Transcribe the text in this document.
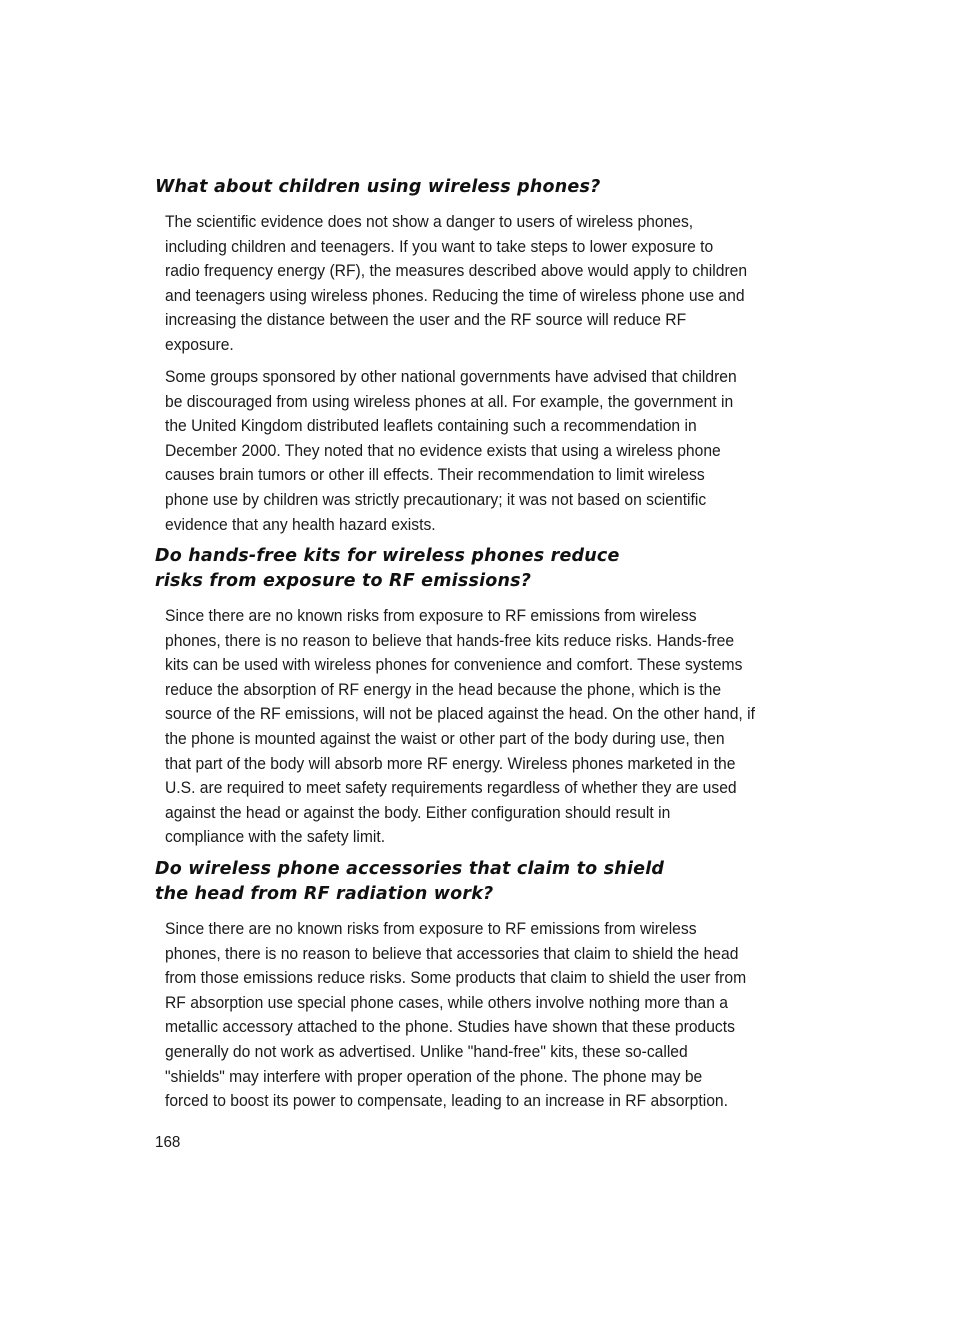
What about children using wireless phones?

The scientific evidence does not show a danger to users of wireless phones,
including children and teenagers. If you want to take steps to lower exposure to
radio frequency energy (RF), the measures described above would apply to children
and teenagers using wireless phones. Reducing the time of wireless phone use and
increasing the distance between the user and the RF source will reduce RF
exposure.

Some groups sponsored by other national governments have advised that children
be discouraged from using wireless phones at all. For example, the government in
the United Kingdom distributed leaflets containing such a recommendation in
December 2000. They noted that no evidence exists that using a wireless phone
causes brain tumors or other ill effects. Their recommendation to limit wireless
phone use by children was strictly precautionary; it was not based on scientific
evidence that any health hazard exists.

Do hands-free kits for wireless phones reduce
risks from exposure to RF emissions?

Since there are no known risks from exposure to RF emissions from wireless
phones, there is no reason to believe that hands-free kits reduce risks. Hands-free
kits can be used with wireless phones for convenience and comfort. These systems
reduce the absorption of RF energy in the head because the phone, which is the
source of the RF emissions, will not be placed against the head. On the other hand, if
the phone is mounted against the waist or other part of the body during use, then
that part of the body will absorb more RF energy. Wireless phones marketed in the
U.S. are required to meet safety requirements regardless of whether they are used
against the head or against the body. Either configuration should result in
compliance with the safety limit.

Do wireless phone accessories that claim to shield
the head from RF radiation work?

Since there are no known risks from exposure to RF emissions from wireless
phones, there is no reason to believe that accessories that claim to shield the head
from those emissions reduce risks. Some products that claim to shield the user from
RF absorption use special phone cases, while others involve nothing more than a
metallic accessory attached to the phone. Studies have shown that these products
generally do not work as advertised. Unlike "hand-free" kits, these so-called
"shields" may interfere with proper operation of the phone. The phone may be
forced to boost its power to compensate, leading to an increase in RF absorption.

168
